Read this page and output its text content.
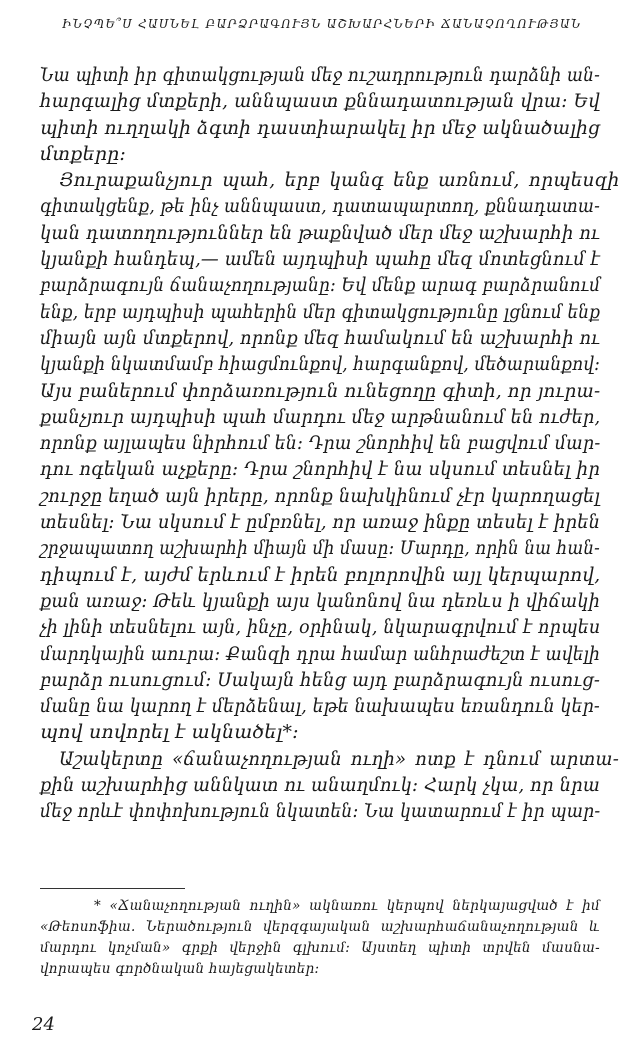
ԻՆՉՊԵ՞Ս ՀԱՍՆԵԼ ԲԱՐՁՐԱԳՈՒՅՆ ԱՇԽԱՐՀՆԵՐԻ ՃԱՆԱՉՈՂՈՒԹՅԱՆ
Նա պիտի իր գիտակցության մեջ ուշադրություն դարձնի ան-
հարգալից մտքերի, աննպաստ քննադատության վրա: Եվ
պիտի ուղղակի ձգտի դաստիարակել իր մեջ ակնածալից
մտքերը:
Յուրաքանչյուր պահ, երբ կանգ ենք առնում, որպեսզի
գիտակցենք, թե ինչ աննպաստ, դատապարտող, քննադատա-
կան դատողություններ են թաքնված մեր մեջ աշխարհի ու
կյանքի հանդեպ,— ամեն այդպիսի պահը մեզ մոտեցնում է
բարձրագույն ճանաչողությանը: Եվ մենք արագ բարձրանում
ենք, երբ այդպիսի պահերին մեր գիտակցությունը լցնում ենք
միայն այն մտքերով, որոնք մեզ համակում են աշխարհի ու
կյանքի նկատմամբ հիացմունքով, հարգանքով, մեծարանքով:
Այս բաներում փորձառություն ունեցողը գիտի, որ յուրա-
քանչյուր այդպիսի պահ մարդու մեջ արթնանում են ուժեր,
որոնք այլապես նիրհում են: Դրա շնորհիվ են բացվում մար-
դու ոգեկան աչքերը: Դրա շնորհիվ է նա սկսում տեսնել իր
շուրջը եղած այն իրերը, որոնք նախկինում չէր կարողացել
տեսնել: Նա սկսում է ըմբռնել, որ առաջ ինքը տեսել է իրեն
շրջապատող աշխարհի միայն մի մասը: Մարդը, որին նա հան-
դիպում է, այժմ երևում է իրեն բոլորովին այլ կերպարով,
քան առաջ: Թեև կյանքի այս կանոնով նա դեռևս ի վիճակի
չի լինի տեսնելու այն, ինչը, օրինակ, նկարագրվում է որպես
մարդկային աուրա: Քանզի դրա համար անհրաժեշտ է ավելի
բարձր ուսուցում: Սակայն հենց այդ բարձրագույն ուսուց-
մանը նա կարող է մերձենալ, եթե նախապես եռանդուն կեր-
պով սովորել է ակնածել*:
Աշակերտը «ճանաչողության ուղի» ոտք է դնում արտա-
քին աշխարհից աննկատ ու անաղմուկ: Հարկ չկա, որ նրա
մեջ որևէ փոփոխություն նկատեն: Նա կատարում է իր պար-
* «Ճանաչողության ուղին» ակնառու կերպով ներկայացված է իմ
«Թեոսոֆիա. Ներածություն վերզգայական աշխարհաճանաչողության և
մարդու կոչման» գրքի վերջին գլխում: Այստեղ պիտի տրվեն մասնա-
վորապես գործնական հայեցակետեր:
24
